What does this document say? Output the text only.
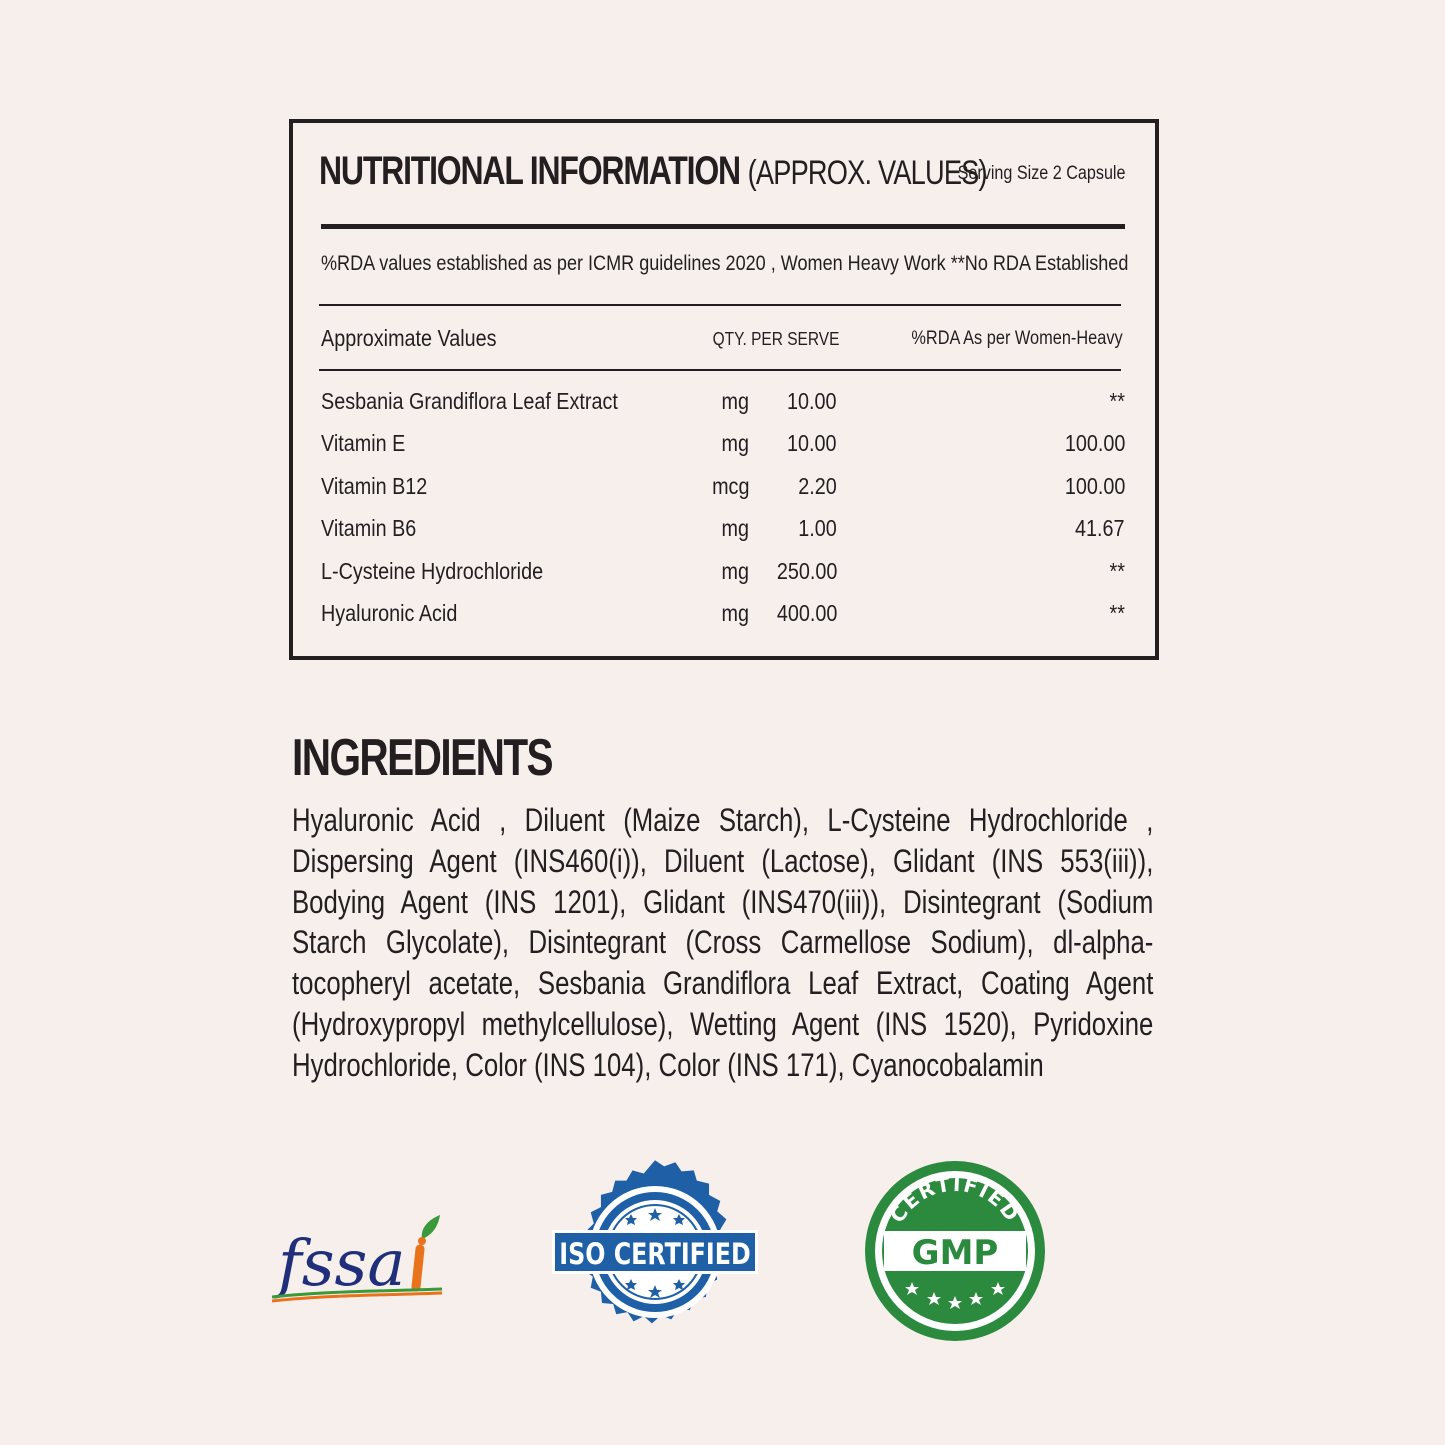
NUTRITIONAL INFORMATION (APPROX. VALUES)
Serving Size 2 Capsule
%RDA values established as per ICMR guidelines 2020 , Women Heavy Work **No RDA Established
Approximate Values	QTY. PER SERVE	%RDA As per Women-Heavy
Sesbania Grandiflora Leaf Extract	mg 10.00	**
Vitamin E	mg 10.00	100.00
Vitamin B12	mcg 2.20	100.00
Vitamin B6	mg 1.00	41.67
L-Cysteine Hydrochloride	mg 250.00	**
Hyaluronic Acid	mg 400.00	**
INGREDIENTS
Hyaluronic Acid , Diluent (Maize Starch), L-Cysteine Hydrochloride , Dispersing Agent (INS460(i)), Diluent (Lactose), Glidant (INS 553(iii)), Bodying Agent (INS 1201), Glidant (INS470(iii)), Disintegrant (Sodium Starch Glycolate), Disintegrant (Cross Carmellose Sodium), dl-alpha-tocopheryl acetate, Sesbania Grandiflora Leaf Extract, Coating Agent (Hydroxypropyl methylcellulose), Wetting Agent (INS 1520), Pyridoxine Hydrochloride, Color (INS 104), Color (INS 171), Cyanocobalamin
fssa	ISO CERTIFIED
CERTIFIED
GMP
